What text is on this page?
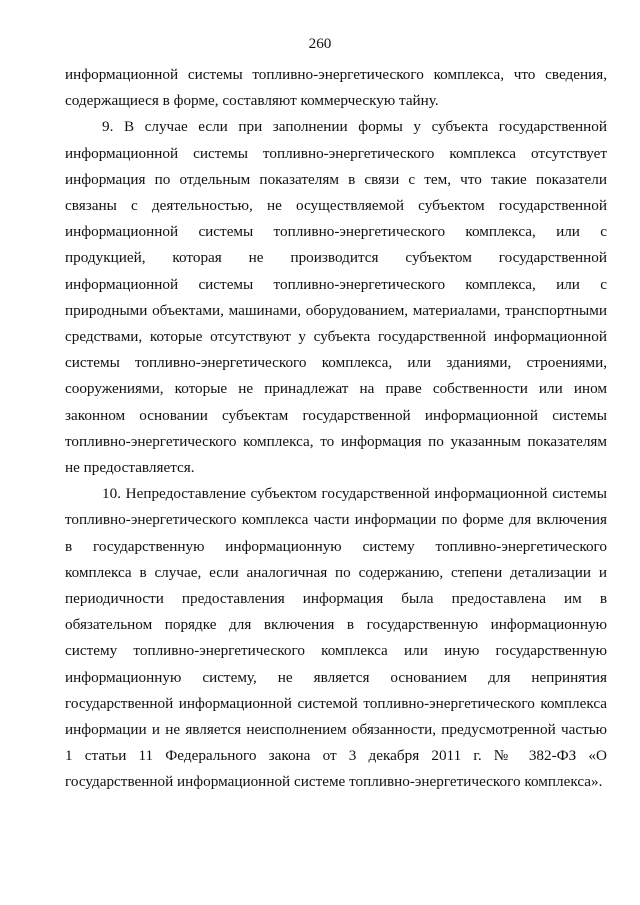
260

информационной системы топливно-энергетического комплекса, что сведения, содержащиеся в форме, составляют коммерческую тайну.

9. В случае если при заполнении формы у субъекта государственной информационной системы топливно-энергетического комплекса отсутствует информация по отдельным показателям в связи с тем, что такие показатели связаны с деятельностью, не осуществляемой субъектом государственной информационной системы топливно-энергетического комплекса, или с продукцией, которая не производится субъектом государственной информационной системы топливно-энергетического комплекса, или с природными объектами, машинами, оборудованием, материалами, транспортными средствами, которые отсутствуют у субъекта государственной информационной системы топливно-энергетического комплекса, или зданиями, строениями, сооружениями, которые не принадлежат на праве собственности или ином законном основании субъектам государственной информационной системы топливно-энергетического комплекса, то информация по указанным показателям не предоставляется.

10. Непредоставление субъектом государственной информационной системы топливно-энергетического комплекса части информации по форме для включения в государственную информационную систему топливно-энергетического комплекса в случае, если аналогичная по содержанию, степени детализации и периодичности предоставления информация была предоставлена им в обязательном порядке для включения в государственную информационную систему топливно-энергетического комплекса или иную государственную информационную систему, не является основанием для непринятия государственной информационной системой топливно-энергетического комплекса информации и не является неисполнением обязанности, предусмотренной частью 1 статьи 11 Федерального закона от 3 декабря 2011 г. № 382-ФЗ «О государственной информационной системе топливно-энергетического комплекса».
